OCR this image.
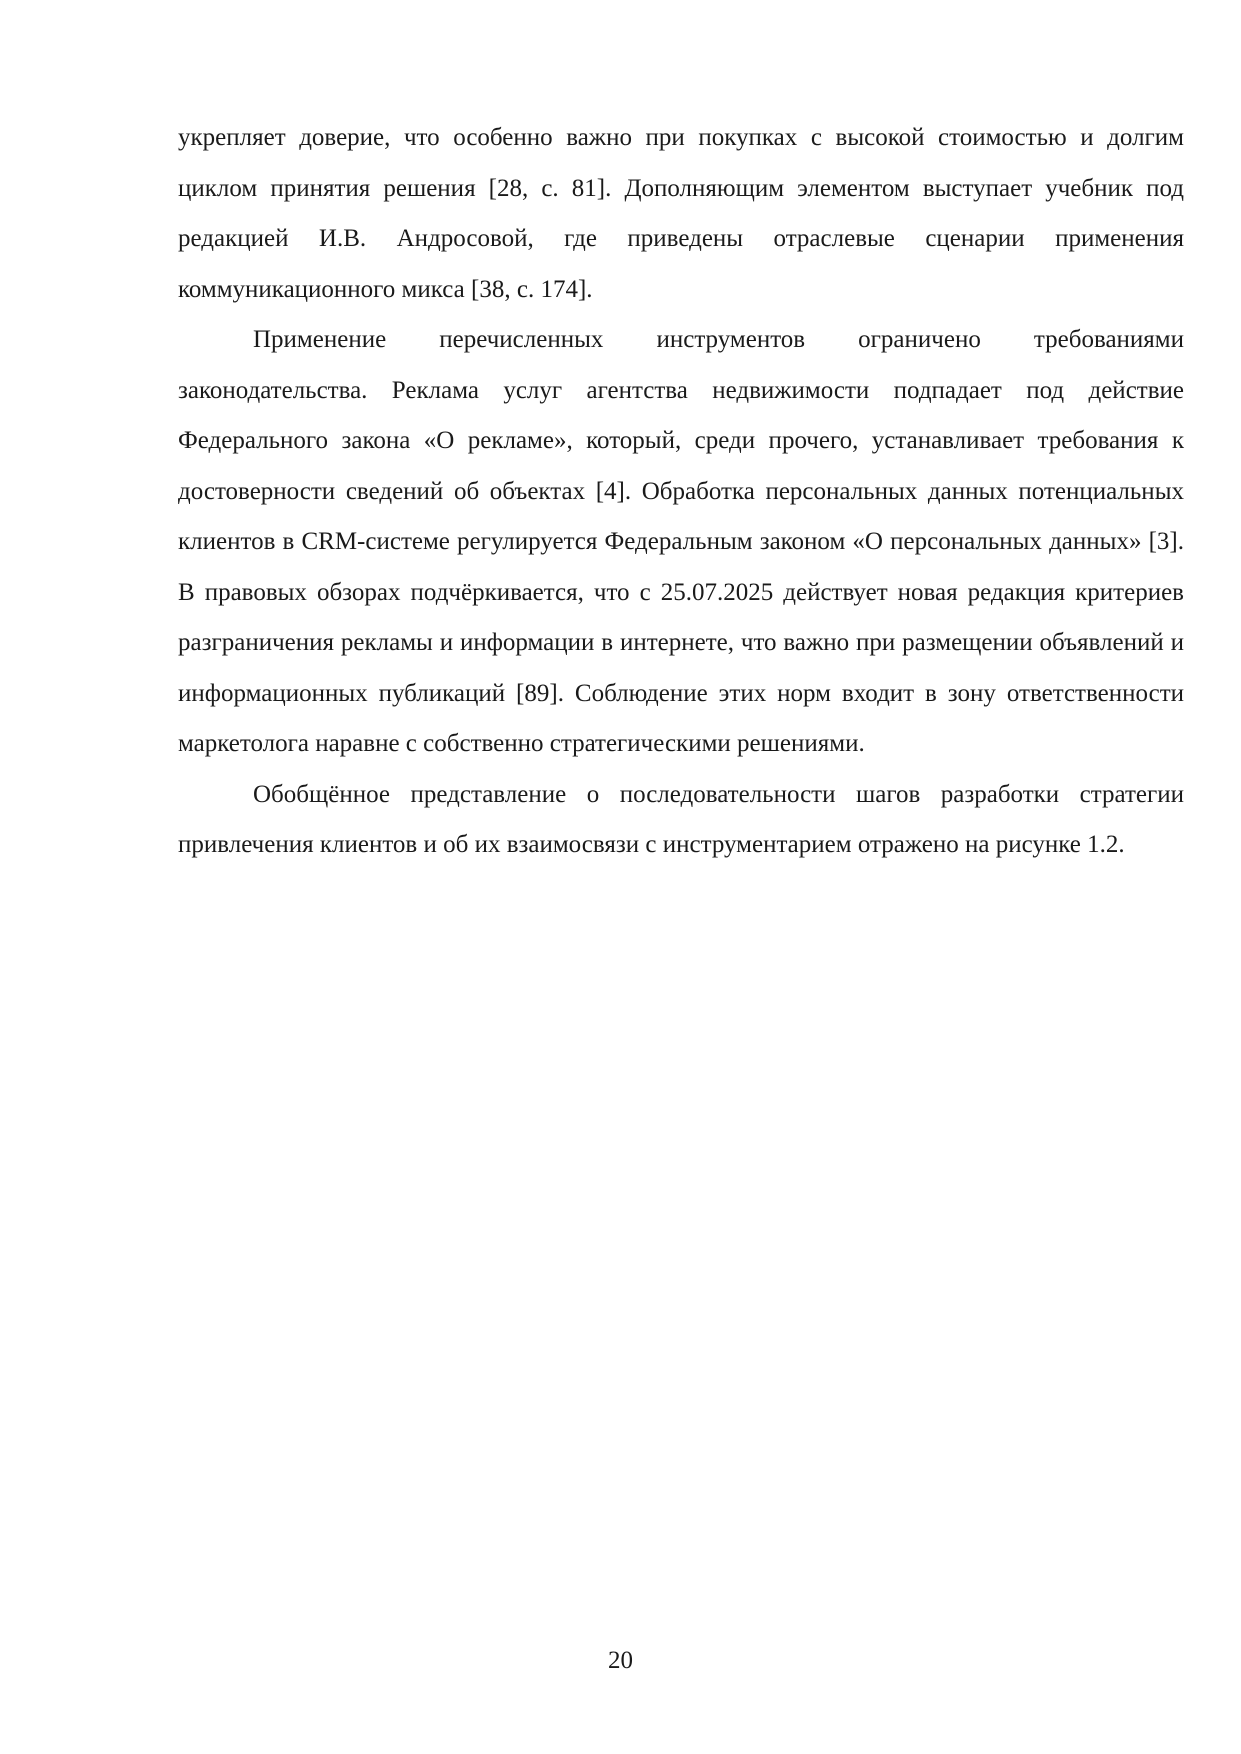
укрепляет доверие, что особенно важно при покупках с высокой стоимостью и долгим циклом принятия решения [28, с. 81]. Дополняющим элементом выступает учебник под редакцией И.В. Андросовой, где приведены отраслевые сценарии применения коммуникационного микса [38, с. 174].

Применение перечисленных инструментов ограничено требованиями законодательства. Реклама услуг агентства недвижимости подпадает под действие Федерального закона «О рекламе», который, среди прочего, устанавливает требования к достоверности сведений об объектах [4]. Обработка персональных данных потенциальных клиентов в CRM-системе регулируется Федеральным законом «О персональных данных» [3]. В правовых обзорах подчёркивается, что с 25.07.2025 действует новая редакция критериев разграничения рекламы и информации в интернете, что важно при размещении объявлений и информационных публикаций [89]. Соблюдение этих норм входит в зону ответственности маркетолога наравне с собственно стратегическими решениями.

Обобщённое представление о последовательности шагов разработки стратегии привлечения клиентов и об их взаимосвязи с инструментарием отражено на рисунке 1.2.

20
